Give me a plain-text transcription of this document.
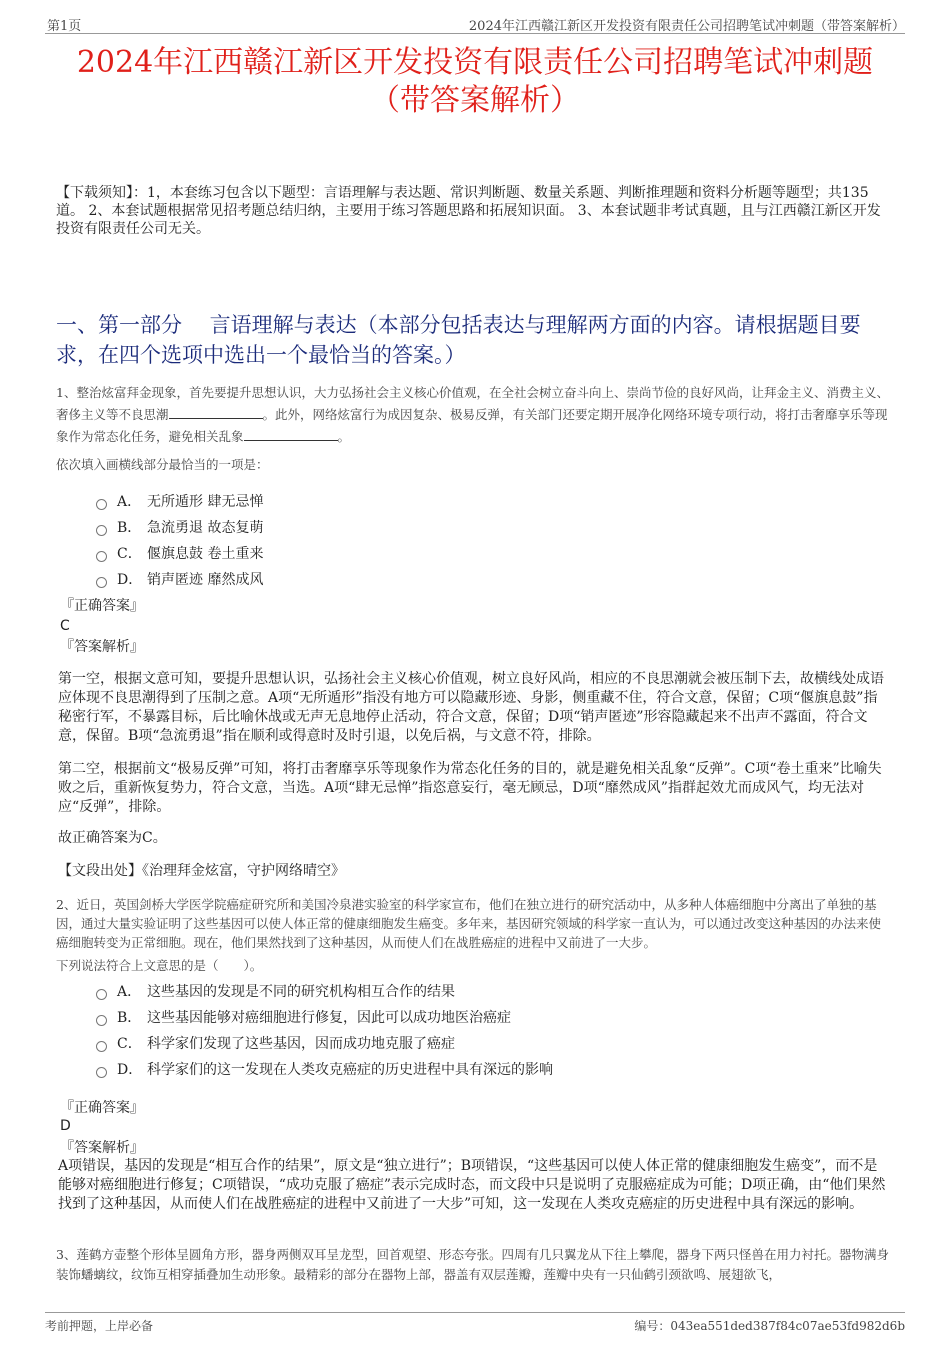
第1页	2024年江西赣江新区开发投资有限责任公司招聘笔试冲刺题（带答案解析）
2024年江西赣江新区开发投资有限责任公司招聘笔试冲刺题
（带答案解析）
【下载须知】：1，本套练习包含以下题型：言语理解与表达题、常识判断题、数量关系题、判断推理题和资料分析题等题型；共135道。 2、本套试题根据常见招考题总结归纳，主要用于练习答题思路和拓展知识面。 3、本套试题非考试真题，且与江西赣江新区开发投资有限责任公司无关。
一、第一部分　 言语理解与表达（本部分包括表达与理解两方面的内容。请根据题目要求，在四个选项中选出一个最恰当的答案。）
1、整治炫富拜金现象，首先要提升思想认识，大力弘扬社会主义核心价值观，在全社会树立奋斗向上、崇尚节俭的良好风尚，让拜金主义、消费主义、奢侈主义等不良思潮	。此外，网络炫富行为成因复杂、极易反弹，有关部门还要定期开展净化网络环境专项行动，将打击奢靡享乐等现象作为常态化任务，避免相关乱象	。
依次填入画横线部分最恰当的一项是：
A． 无所遁形 肆无忌惮
B． 急流勇退 故态复萌
C． 偃旗息鼓 卷土重来
D． 销声匿迹 靡然成风
『正确答案』
C
『答案解析』
第一空，根据文意可知，要提升思想认识，弘扬社会主义核心价值观，树立良好风尚，相应的不良思潮就会被压制下去，故横线处成语应体现不良思潮得到了压制之意。A项“无所遁形”指没有地方可以隐藏形迹、身影，侧重藏不住，符合文意，保留；C项“偃旗息鼓”指秘密行军，不暴露目标，后比喻休战或无声无息地停止活动，符合文意，保留；D项“销声匿迹”形容隐藏起来不出声不露面，符合文意，保留。B项“急流勇退”指在顺利或得意时及时引退，以免后祸，与文意不符，排除。
第二空，根据前文“极易反弹”可知，将打击奢靡享乐等现象作为常态化任务的目的，就是避免相关乱象“反弹”。C项“卷土重来”比喻失败之后，重新恢复势力，符合文意，当选。A项“肆无忌惮”指恣意妄行，毫无顾忌，D项“靡然成风”指群起效尤而成风气，均无法对应“反弹”，排除。
故正确答案为C。
【文段出处】《治理拜金炫富，守护网络晴空》
2、近日，英国剑桥大学医学院癌症研究所和美国冷泉港实验室的科学家宣布，他们在独立进行的研究活动中，从多种人体癌细胞中分离出了单独的基因，通过大量实验证明了这些基因可以使人体正常的健康细胞发生癌变。多年来，基因研究领域的科学家一直认为，可以通过改变这种基因的办法来使癌细胞转变为正常细胞。现在，他们果然找到了这种基因，从而使人们在战胜癌症的进程中又前进了一大步。
下列说法符合上文意思的是（　　）。
A． 这些基因的发现是不同的研究机构相互合作的结果
B． 这些基因能够对癌细胞进行修复，因此可以成功地医治癌症
C． 科学家们发现了这些基因，因而成功地克服了癌症
D． 科学家们的这一发现在人类攻克癌症的历史进程中具有深远的影响
『正确答案』
D
『答案解析』
A项错误，基因的发现是“相互合作的结果”，原文是“独立进行”；B项错误，“这些基因可以使人体正常的健康细胞发生癌变”，而不是能够对癌细胞进行修复；C项错误，“成功克服了癌症”表示完成时态，而文段中只是说明了克服癌症成为可能；D项正确，由“他们果然找到了这种基因，从而使人们在战胜癌症的进程中又前进了一大步”可知，这一发现在人类攻克癌症的历史进程中具有深远的影响。
3、莲鹤方壶整个形体呈圆角方形，器身两侧双耳呈龙型，回首观望、形态夸张。四周有几只翼龙从下往上攀爬，器身下两只怪兽在用力衬托。器物满身装饰蟠螭纹，纹饰互相穿插叠加生动形象。最精彩的部分在器物上部，器盖有双层莲瓣，莲瓣中央有一只仙鹤引颈欲鸣、展翅欲飞，
考前押题，上岸必备	编号：043ea551ded387f84c07ae53fd982d6b
